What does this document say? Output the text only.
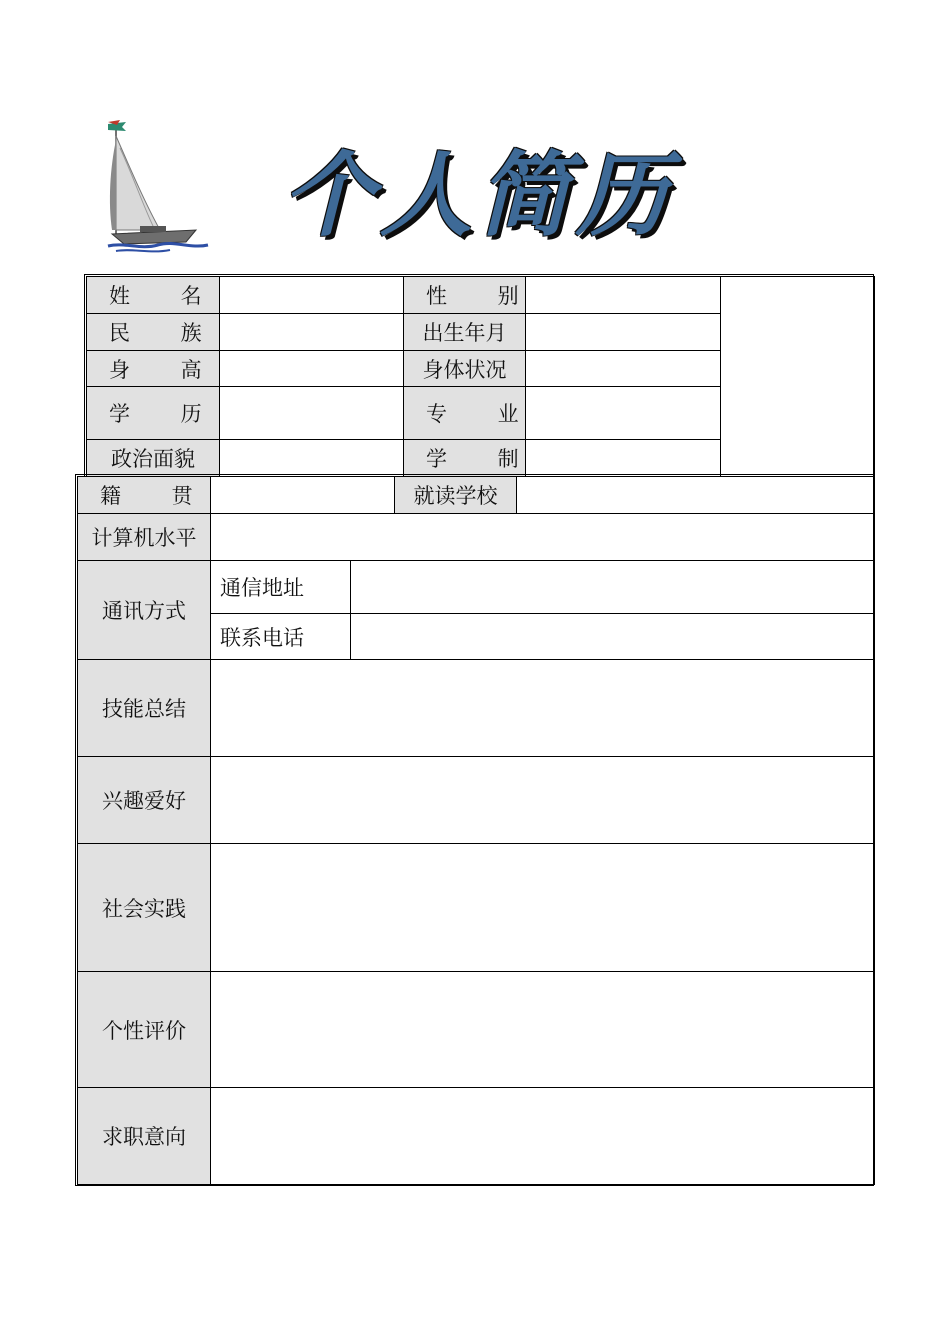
个人简历
姓 名		性 别		
民 族		出生年月		
身 高		身体状况		
学 历		专 业		
政治面貌		学 制		
籍 贯			就读学校	
计算机水平				
通讯方式	通信地址			
	联系电话			
技能总结				
兴趣爱好				
社会实践				
个性评价				
求职意向				
